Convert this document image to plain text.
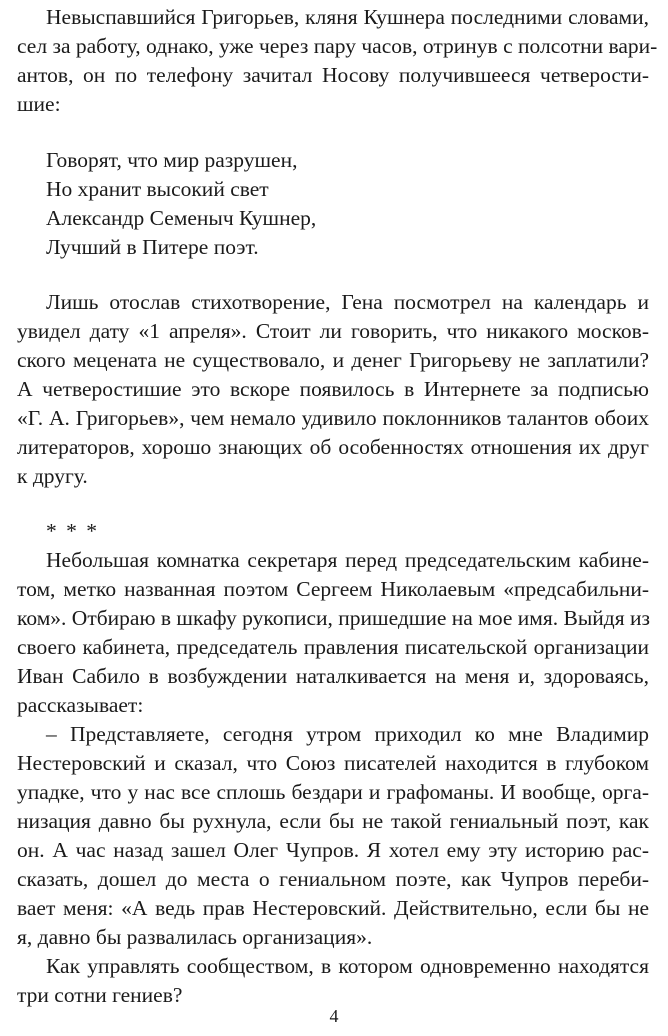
Невыспавшийся Григорьев, кляня Кушнера последними словами,
сел за работу, однако, уже через пару часов, отринув с полсотни вари-
антов, он по телефону зачитал Носову получившееся четверости-
шие:
Говорят, что мир разрушен,
Но хранит высокий свет
Александр Семеныч Кушнер,
Лучший в Питере поэт.
Лишь отослав стихотворение, Гена посмотрел на календарь и
увидел дату «1 апреля». Стоит ли говорить, что никакого москов-
ского мецената не существовало, и денег Григорьеву не заплатили?
А четверостишие это вскоре появилось в Интернете за подписью
«Г. А. Григорьев», чем немало удивило поклонников талантов обоих
литераторов, хорошо знающих об особенностях отношения их друг
к другу.
* * *
Небольшая комнатка секретаря перед председательским кабине-
том, метко названная поэтом Сергеем Николаевым «предсабильни-
ком». Отбираю в шкафу рукописи, пришедшие на мое имя. Выйдя из
своего кабинета, председатель правления писательской организации
Иван Сабило в возбуждении наталкивается на меня и, здороваясь,
рассказывает:
– Представляете, сегодня утром приходил ко мне Владимир
Нестеровский и сказал, что Союз писателей находится в глубоком
упадке, что у нас все сплошь бездари и графоманы. И вообще, орга-
низация давно бы рухнула, если бы не такой гениальный поэт, как
он. А час назад зашел Олег Чупров. Я хотел ему эту историю рас-
сказать, дошел до места о гениальном поэте, как Чупров переби-
вает меня: «А ведь прав Нестеровский. Действительно, если бы не
я, давно бы развалилась организация».
Как управлять сообществом, в котором одновременно находятся
три сотни гениев?
4
